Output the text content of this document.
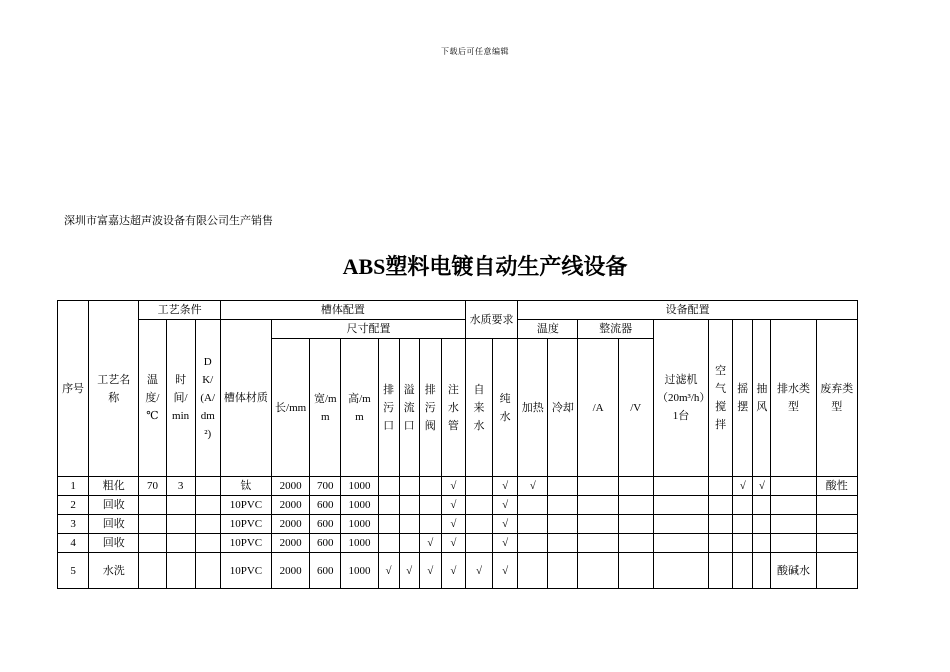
下载后可任意编辑
深圳市富嘉达超声波设备有限公司生产销售
ABS塑料电镀自动生产线设备
序号	工艺名称	工艺条件			槽体配置								水质要求		设备配置									
		温度/℃	时间/min	DK/(A/dm²)	槽体材质	尺寸配置									温度		整流器		过滤机（20m³/h）1台	空气搅拌	摇摆	抽风	排水类型	废弃类型
						长/mm	宽/mm	高/mm	排污口	溢流口	排污阀	注水管	自来水	纯水	加热	冷却	/A	/V						

1	粗化	70	3		钛	2000	700	1000				√		√	√						√	√		酸性
2	回收				10PVC	2000	600	1000				√		√										
3	回收				10PVC	2000	600	1000				√		√										
4	回收				10PVC	2000	600	1000			√	√		√										
5	水洗				10PVC	2000	600	1000	√	√	√	√	√	√									酸碱水	
